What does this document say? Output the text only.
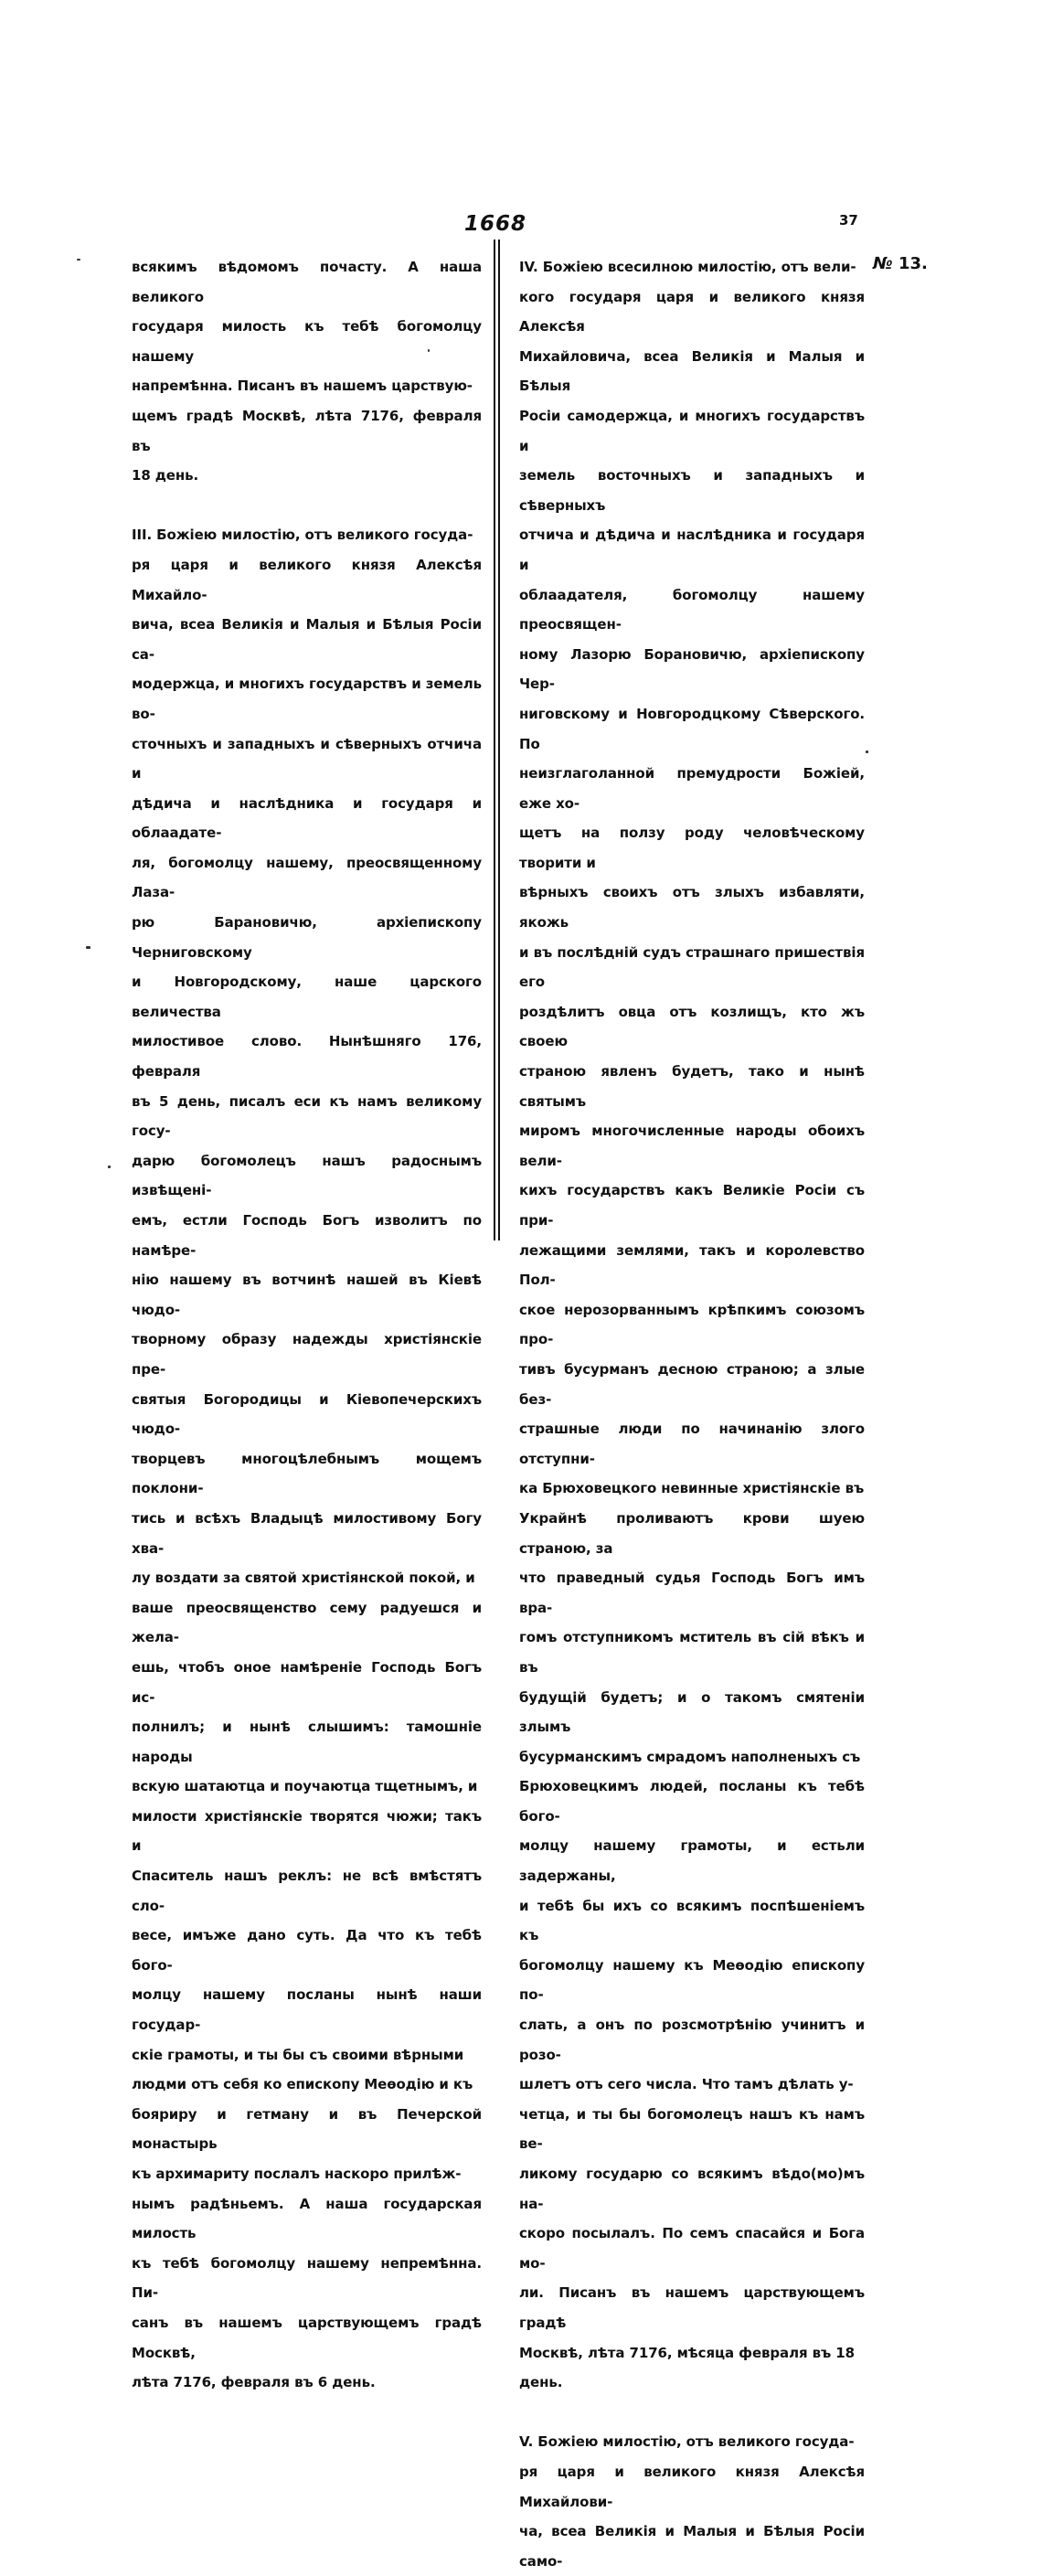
1668	37
№ 13.

всякимъ вѣдомомъ почасту. А наша великого
государя милость къ тебѣ богомолцу нашему
напремѣнна. Писанъ въ нашемъ царствую-
щемъ градѣ Москвѣ, лѣта 7176, февраля въ
18 день.

III. Божіею милостію, отъ великого госуда-
ря царя и великого князя Алексѣя Михайло-
вича, всеа Великія и Малыя и Бѣлыя Росіи са-
модержца, и многихъ государствъ и земель во-
сточныхъ и западныхъ и сѣверныхъ отчича и
дѣдича и наслѣдника и государя и облаадате-
ля, богомолцу нашему, преосвященному Лаза-
рю Барановичю, архіепископу Черниговскому
и Новгородскому, наше царского величества
милостивое слово. Нынѣшняго 176, февраля
въ 5 день, писалъ еси къ намъ великому госу-
дарю богомолецъ нашъ радоснымъ извѣщені-
емъ, естли Господь Богъ изволитъ по намѣре-
нію нашему въ вотчинѣ нашей въ Кіевѣ чюдо-
творному образу надежды христіянскіе пре-
святыя Богородицы и Кіевопечерскихъ чюдо-
творцевъ многоцѣлебнымъ мощемъ поклони-
тись и всѣхъ Владыцѣ милостивому Богу хва-
лу воздати за святой христіянской покой, и
ваше преосвященство сему радуешся и жела-
ешь, чтобъ оное намѣреніе Господь Богъ ис-
полнилъ; и нынѣ слышимъ: тамошніе народы
вскую шатаютца и поучаютца тщетнымъ, и
милости христіянскіе творятся чюжи; такъ и
Спаситель нашъ реклъ: не всѣ вмѣстятъ сло-
весе, имъже дано суть. Да что къ тебѣ бого-
молцу нашему посланы нынѣ наши государ-
скіе грамоты, и ты бы съ своими вѣрными
людми отъ себя ко епископу Меѳодію и къ
бояриру и гетману и въ Печерской монастырь
къ архимариту послалъ наскоро прилѣж-
нымъ радѣньемъ. А наша государская милость
къ тебѣ богомолцу нашему непремѣнна. Пи-
санъ въ нашемъ царствующемъ градѣ Москвѣ,
лѣта 7176, февраля въ 6 день.

IV. Божіею всесилною милостію, отъ вели-
кого государя царя и великого князя Алексѣя
Михайловича, всеа Великія и Малыя и Бѣлыя
Росіи самодержца, и многихъ государствъ и
земель восточныхъ и западныхъ и сѣверныхъ
отчича и дѣдича и наслѣдника и государя и
облаадателя, богомолцу нашему преосвящен-
ному Лазорю Борановичю, архіепископу Чер-
ниговскому и Новгородцкому Сѣверского. По
неизглаголанной премудрости Божіей, еже хо-
щетъ на ползу роду человѣческому творити и
вѣрныхъ своихъ отъ злыхъ избавляти, якожь
и въ послѣдній судъ страшнаго пришествія его
роздѣлитъ овца отъ козлищъ, кто жъ своею
страною явленъ будетъ, тако и нынѣ святымъ
миромъ многочисленные народы обоихъ вели-
кихъ государствъ какъ Великіе Росіи съ при-
лежащими землями, такъ и королевство Пол-
ское нерозорваннымъ крѣпкимъ союзомъ про-
тивъ бусурманъ десною страною; а злые без-
страшные люди по начинанію злого отступни-
ка Брюховецкого невинные христіянскіе въ
Украйнѣ проливаютъ крови шуею страною, за
что праведный судья Господь Богъ имъ вра-
гомъ отступникомъ мститель въ сій вѣкъ и въ
будущій будетъ; и о такомъ смятеніи злымъ
бусурманскимъ смрадомъ наполненыхъ съ
Брюховецкимъ людей, посланы къ тебѣ бого-
молцу нашему грамоты, и естьли задержаны,
и тебѣ бы ихъ со всякимъ поспѣшеніемъ къ
богомолцу нашему къ Меѳодію епископу по-
слать, а онъ по розсмотрѣнію учинитъ и розо-
шлетъ отъ сего числа. Что тамъ дѣлать у-
четца, и ты бы богомолецъ нашъ къ намъ ве-
ликому государю со всякимъ вѣдо(мо)мъ на-
скоро посылалъ. По семъ спасайся и Бога мо-
ли. Писанъ въ нашемъ царствующемъ градѣ
Москвѣ, лѣта 7176, мѣсяца февраля въ 18
день.

V. Божіею милостію, отъ великого госуда-
ря царя и великого князя Алексѣя Михайлови-
ча, всеа Великія и Малыя и Бѣлыя Росіи само-
